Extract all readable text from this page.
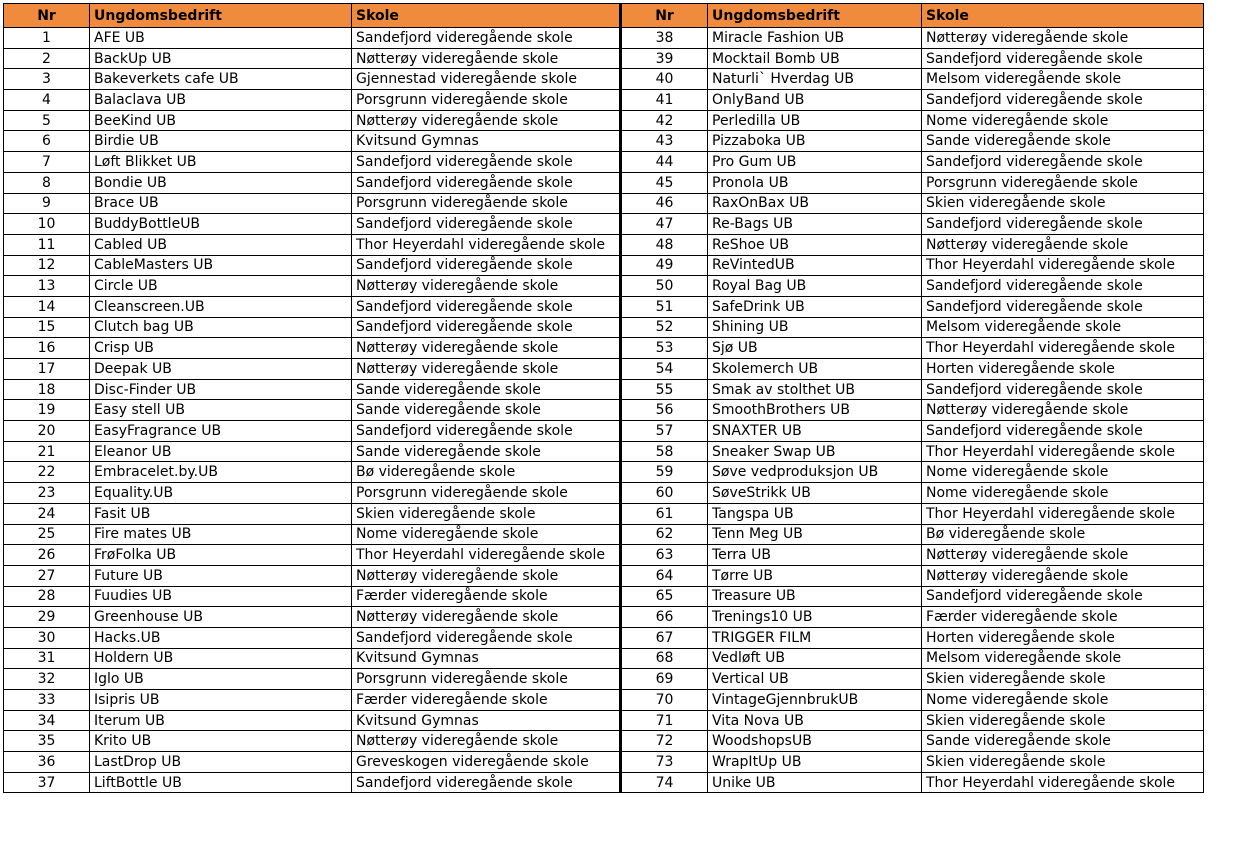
Nr	Ungdomsbedrift	Skole	Nr	Ungdomsbedrift	Skole
1	AFE UB	Sandefjord videregående skole	38	Miracle Fashion UB	Nøtterøy videregående skole
2	BackUp UB	Nøtterøy videregående skole	39	Mocktail Bomb UB	Sandefjord videregående skole
3	Bakeverkets cafe UB	Gjennestad videregående skole	40	Naturli` Hverdag UB	Melsom videregående skole
4	Balaclava UB	Porsgrunn videregående skole	41	OnlyBand UB	Sandefjord videregående skole
5	BeeKind UB	Nøtterøy videregående skole	42	Perledilla UB	Nome videregående skole
6	Birdie UB	Kvitsund Gymnas	43	Pizzaboka UB	Sande videregående skole
7	Løft Blikket UB	Sandefjord videregående skole	44	Pro Gum UB	Sandefjord videregående skole
8	Bondie UB	Sandefjord videregående skole	45	Pronola UB	Porsgrunn videregående skole
9	Brace UB	Porsgrunn videregående skole	46	RaxOnBax UB	Skien videregående skole
10	BuddyBottleUB	Sandefjord videregående skole	47	Re-Bags UB	Sandefjord videregående skole
11	Cabled UB	Thor Heyerdahl videregående skole	48	ReShoe UB	Nøtterøy videregående skole
12	CableMasters UB	Sandefjord videregående skole	49	ReVintedUB	Thor Heyerdahl videregående skole
13	Circle UB	Nøtterøy videregående skole	50	Royal Bag UB	Sandefjord videregående skole
14	Cleanscreen.UB	Sandefjord videregående skole	51	SafeDrink UB	Sandefjord videregående skole
15	Clutch bag UB	Sandefjord videregående skole	52	Shining UB	Melsom videregående skole
16	Crisp UB	Nøtterøy videregående skole	53	Sjø UB	Thor Heyerdahl videregående skole
17	Deepak UB	Nøtterøy videregående skole	54	Skolemerch UB	Horten videregående skole
18	Disc-Finder UB	Sande videregående skole	55	Smak av stolthet UB	Sandefjord videregående skole
19	Easy stell UB	Sande videregående skole	56	SmoothBrothers UB	Nøtterøy videregående skole
20	EasyFragrance UB	Sandefjord videregående skole	57	SNAXTER UB	Sandefjord videregående skole
21	Eleanor UB	Sande videregående skole	58	Sneaker Swap UB	Thor Heyerdahl videregående skole
22	Embracelet.by.UB	Bø videregående skole	59	Søve vedproduksjon UB	Nome videregående skole
23	Equality.UB	Porsgrunn videregående skole	60	SøveStrikk UB	Nome videregående skole
24	Fasit UB	Skien videregående skole	61	Tangspa UB	Thor Heyerdahl videregående skole
25	Fire mates UB	Nome videregående skole	62	Tenn Meg UB	Bø videregående skole
26	FrøFolka UB	Thor Heyerdahl videregående skole	63	Terra UB	Nøtterøy videregående skole
27	Future UB	Nøtterøy videregående skole	64	Tørre UB	Nøtterøy videregående skole
28	Fuudies UB	Færder videregående skole	65	Treasure UB	Sandefjord videregående skole
29	Greenhouse UB	Nøtterøy videregående skole	66	Trenings10 UB	Færder videregående skole
30	Hacks.UB	Sandefjord videregående skole	67	TRIGGER FILM	Horten videregående skole
31	Holdern UB	Kvitsund Gymnas	68	Vedløft UB	Melsom videregående skole
32	Iglo UB	Porsgrunn videregående skole	69	Vertical UB	Skien videregående skole
33	Isipris UB	Færder videregående skole	70	VintageGjennbrukUB	Nome videregående skole
34	Iterum UB	Kvitsund Gymnas	71	Vita Nova UB	Skien videregående skole
35	Krito UB	Nøtterøy videregående skole	72	WoodshopsUB	Sande videregående skole
36	LastDrop UB	Greveskogen videregående skole	73	WrapItUp UB	Skien videregående skole
37	LiftBottle UB	Sandefjord videregående skole	74	Unike UB	Thor Heyerdahl videregående skole
